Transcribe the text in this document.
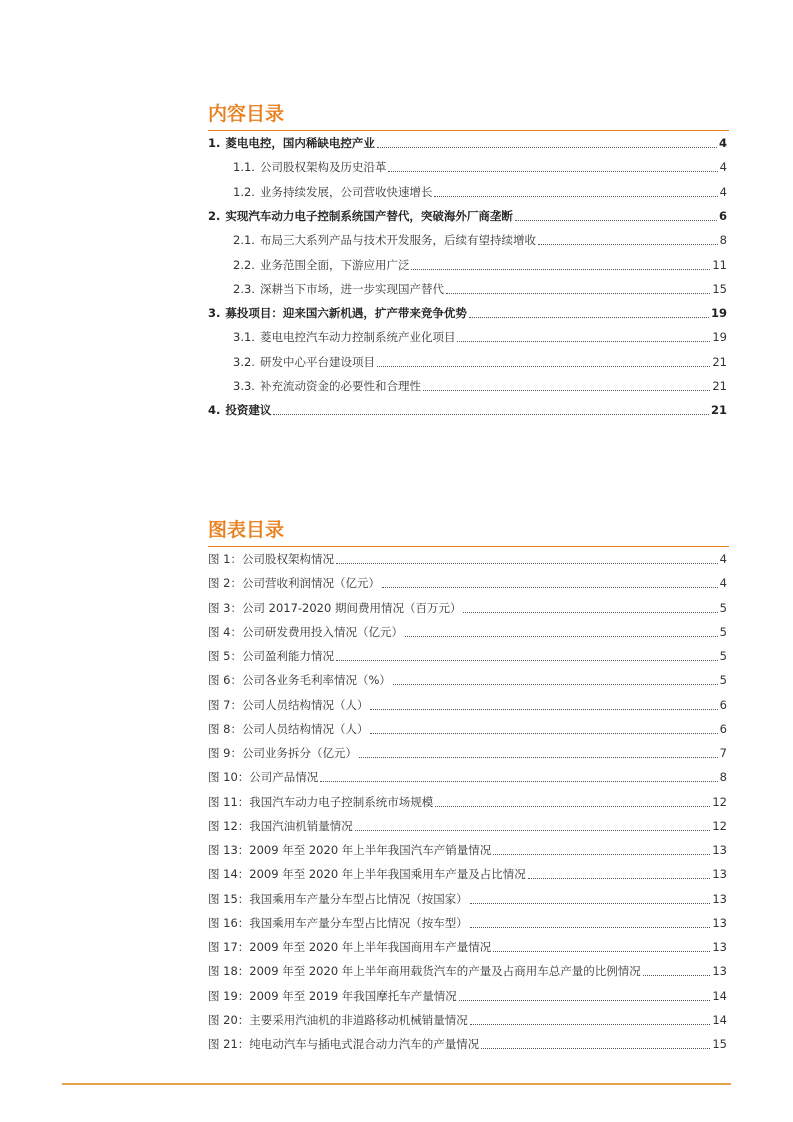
内容目录
1. 菱电电控，国内稀缺电控产业	4
1.1. 公司股权架构及历史沿革	4
1.2. 业务持续发展，公司营收快速增长	4
2. 实现汽车动力电子控制系统国产替代，突破海外厂商垄断	6
2.1. 布局三大系列产品与技术开发服务，后续有望持续增收	8
2.2. 业务范围全面，下游应用广泛	11
2.3. 深耕当下市场，进一步实现国产替代	15
3. 募投项目：迎来国六新机遇，扩产带来竞争优势	19
3.1. 菱电电控汽车动力控制系统产业化项目	19
3.2. 研发中心平台建设项目	21
3.3. 补充流动资金的必要性和合理性	21
4. 投资建议	21
图表目录
图 1：公司股权架构情况	4
图 2：公司营收利润情况（亿元）	4
图 3：公司 2017-2020 期间费用情况（百万元）	5
图 4：公司研发费用投入情况（亿元）	5
图 5：公司盈利能力情况	5
图 6：公司各业务毛利率情况（%）	5
图 7：公司人员结构情况（人）	6
图 8：公司人员结构情况（人）	6
图 9：公司业务拆分（亿元）	7
图 10：公司产品情况	8
图 11：我国汽车动力电子控制系统市场规模	12
图 12：我国汽油机销量情况	12
图 13：2009 年至 2020 年上半年我国汽车产销量情况	13
图 14：2009 年至 2020 年上半年我国乘用车产量及占比情况	13
图 15：我国乘用车产量分车型占比情况（按国家）	13
图 16：我国乘用车产量分车型占比情况（按车型）	13
图 17：2009 年至 2020 年上半年我国商用车产量情况	13
图 18：2009 年至 2020 年上半年商用载货汽车的产量及占商用车总产量的比例情况	13
图 19：2009 年至 2019 年我国摩托车产量情况	14
图 20：主要采用汽油机的非道路移动机械销量情况	14
图 21：纯电动汽车与插电式混合动力汽车的产量情况	15
